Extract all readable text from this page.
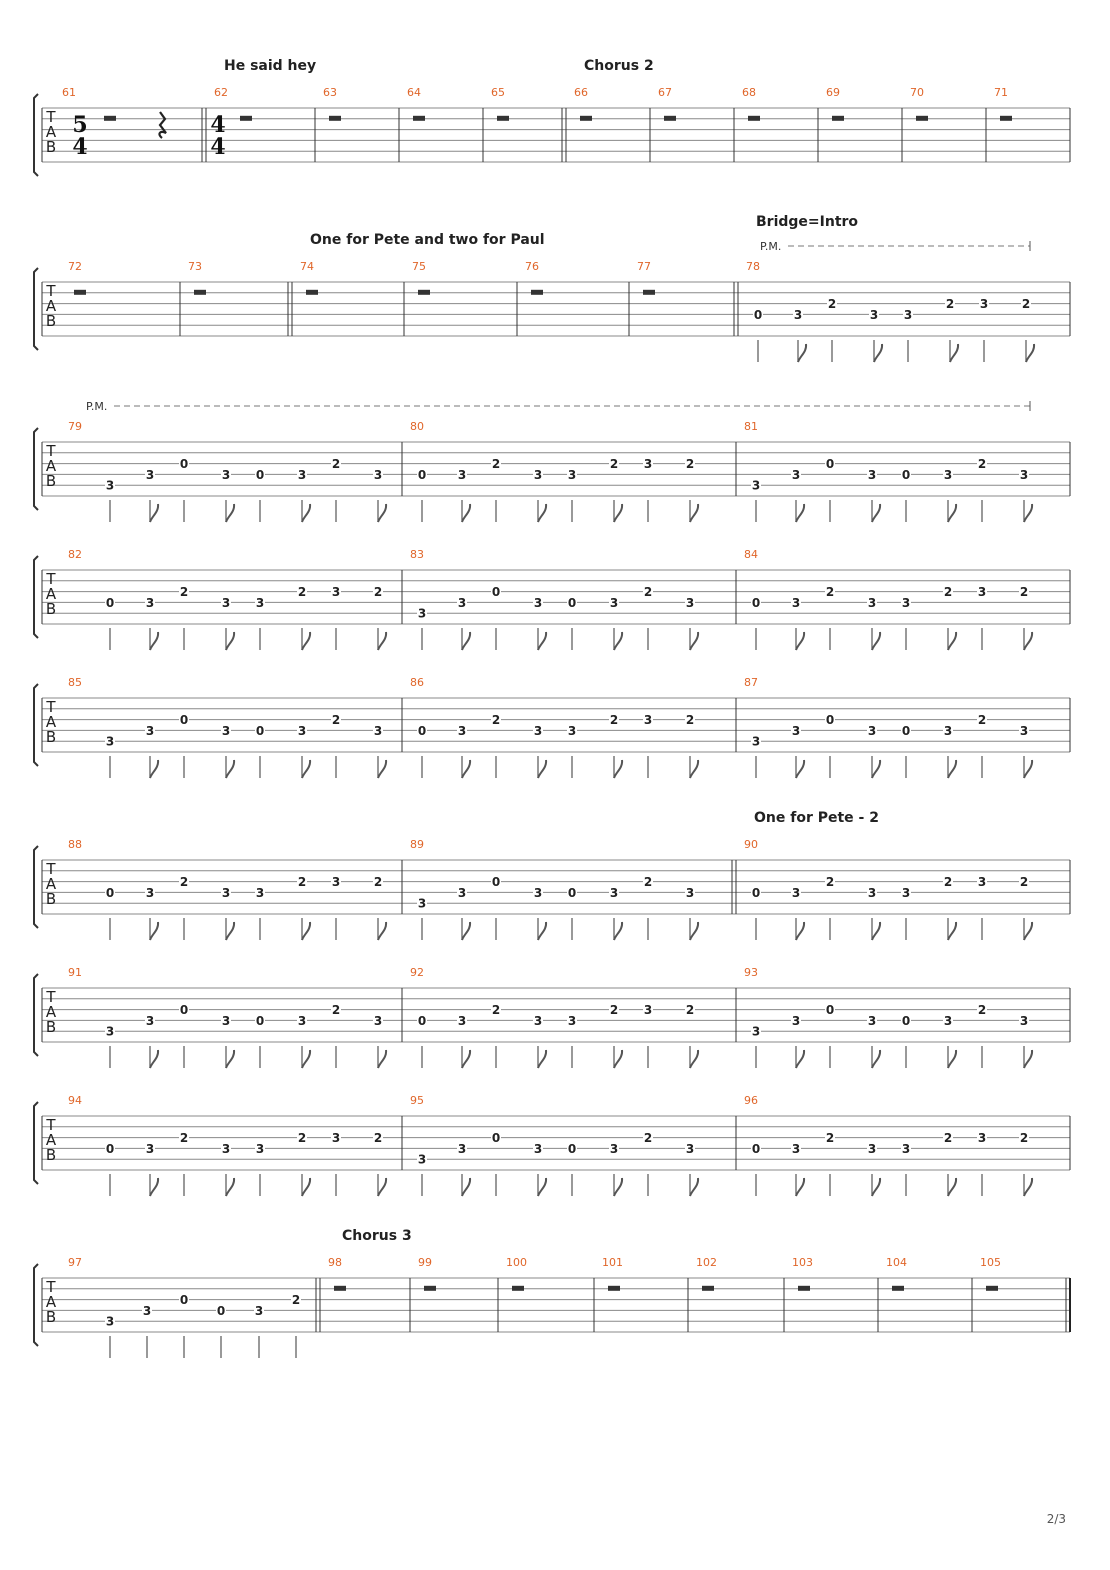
T
A
B
61
5
4
62
4
4
63	64	65	66	67	68	69	70	71
He said hey	Chorus 2
T
A
B
72	73	74	75	76	77	78
0	3
2
3 3
2 3	2
One for Pete and two for Paul
Bridge=Intro
P.M.
T
A
B
79
3
3
0
3 0	3
2
3
80
0	3
2
3 3
2 3	2
81
3
3
0
3 0	3
2
3
P.M.
T
A
B
82
0	3
2
3 3
2 3	2
83
3
3
0
3 0	3
2
3
84
0	3
2
3 3
2 3	2
T
A
B
85
3
3
0
3 0	3
2
3
86
0	3
2
3 3
2 3	2
87
3
3
0
3 0	3
2
3
T
A
B
88
0	3
2
3 3
2 3	2
89
3
3
0
3 0	3
2
3
90
0	3
2
3 3
2 3	2
One for Pete - 2
T
A
B
91
3
3
0
3 0	3
2
3
92
0	3
2
3 3
2 3	2
93
3
3
0
3 0	3
2
3
T
A
B
94
0	3
2
3 3
2 3	2
95
3
3
0
3 0	3
2
3
96
0	3
2
3 3
2 3	2
T
A
B
97
3
3
0
0 3
2
98	99	100	101	102	103	104	105
Chorus 3
2/3
